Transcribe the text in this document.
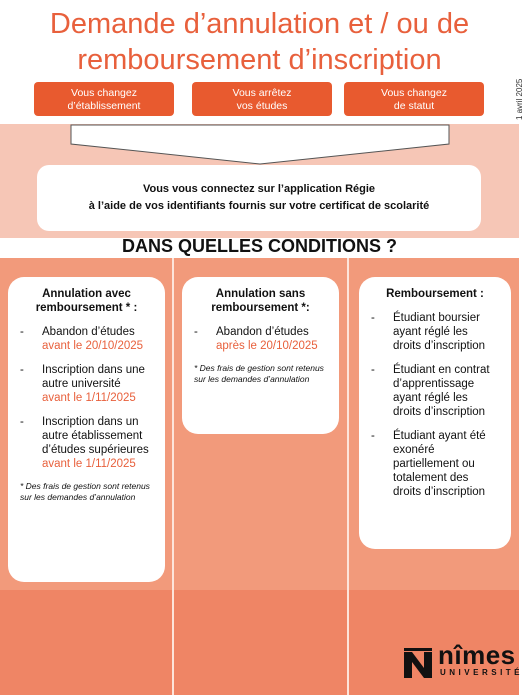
Demande d’annulation et / ou de
remboursement d’inscription
1 avril 2025
Vous changez
d’établissement
Vous arrêtez
vos études
Vous changez
de statut
Vous vous connectez sur l’application Régie
à l’aide de vos identifiants fournis sur votre certificat de scolarité
DANS QUELLES CONDITIONS ?
Annulation avec
remboursement * :
- Abandon d’études
avant le 20/10/2025
- Inscription dans une autre université
avant le 1/11/2025
- Inscription dans un autre établissement d’études supérieures
avant le 1/11/2025
* Des frais de gestion sont retenus sur les demandes d’annulation
Annulation sans
remboursement *:
- Abandon d’études
après le 20/10/2025
* Des frais de gestion sont retenus sur les demandes d’annulation
Remboursement :
- Étudiant boursier ayant réglé les droits d’inscription
- Étudiant en contrat d’apprentissage ayant réglé les droits d’inscription
- Étudiant ayant été exonéré partiellement ou totalement des droits d’inscription
nîmes
UNIVERSITÉ
